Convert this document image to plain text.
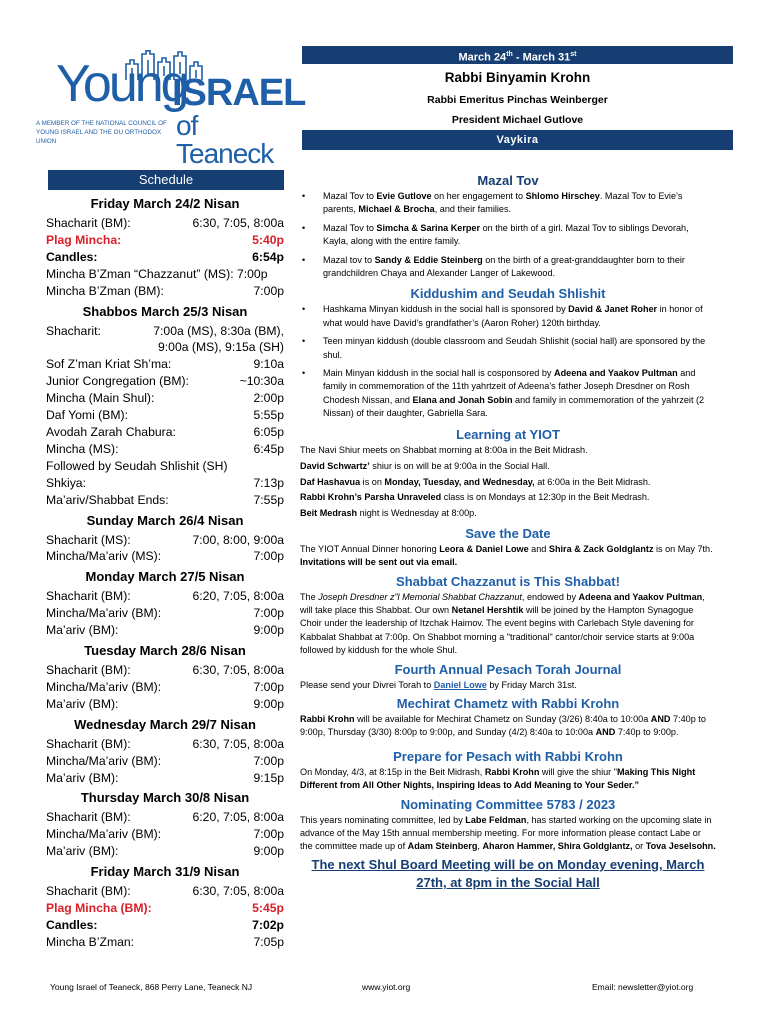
Young
ISRAEL
of Teaneck
A MEMBER OF THE NATIONAL COUNCIL OF YOUNG ISRAEL AND THE OU ORTHODOX UNION
March 24th - March 31st
Rabbi Binyamin Krohn
Rabbi Emeritus Pinchas Weinberger
President Michael Gutlove
Vaykira
Schedule
Friday March 24/2 Nisan
Shacharit (BM):	6:30, 7:05, 8:00a
Plag Mincha:	5:40p
Candles:	6:54p
Mincha B’Zman “Chazzanut” (MS): 7:00p
Mincha B’Zman (BM):	7:00p
Shabbos March 25/3 Nisan
Shacharit:	7:00a (MS), 8:30a (BM),
9:00a (MS), 9:15a (SH)
Sof Z’man Kriat Sh’ma:	9:10a
Junior Congregation (BM):	~10:30a
Mincha (Main Shul):	2:00p
Daf Yomi (BM):	5:55p
Avodah Zarah Chabura:	6:05p
Mincha (MS):	6:45p
Followed by Seudah Shlishit (SH)
Shkiya:	7:13p
Ma’ariv/Shabbat Ends:	7:55p
Sunday March 26/4 Nisan
Shacharit (MS):	7:00, 8:00, 9:00a
Mincha/Ma’ariv (MS):	7:00p
Monday March 27/5 Nisan
Shacharit (BM):	6:20, 7:05, 8:00a
Mincha/Ma’ariv (BM):	7:00p
Ma’ariv (BM):	9:00p
Tuesday March 28/6 Nisan
Shacharit (BM):	6:30, 7:05, 8:00a
Mincha/Ma’ariv (BM):	7:00p
Ma’ariv (BM):	9:00p
Wednesday March 29/7 Nisan
Shacharit (BM):	6:30, 7:05, 8:00a
Mincha/Ma’ariv (BM):	7:00p
Ma’ariv (BM):	9:15p
Thursday March 30/8 Nisan
Shacharit (BM):	6:20, 7:05, 8:00a
Mincha/Ma’ariv (BM):	7:00p
Ma’ariv (BM):	9:00p
Friday March 31/9 Nisan
Shacharit (BM):	6:30, 7:05, 8:00a
Plag Mincha (BM):	5:45p
Candles:	7:02p
Mincha B’Zman:	7:05p
Mazal Tov
• Mazal Tov to Evie Gutlove on her engagement to Shlomo Hirschey. Mazal Tov to Evie’s parents, Michael & Brocha, and their families.
• Mazal Tov to Simcha & Sarina Kerper on the birth of a girl. Mazal Tov to siblings Devorah, Kayla, along with the entire family.
• Mazal tov to Sandy & Eddie Steinberg on the birth of a great-granddaughter born to their grandchildren Chaya and Alexander Langer of Lakewood.
Kiddushim and Seudah Shlishit
• Hashkama Minyan kiddush in the social hall is sponsored by David & Janet Roher in honor of what would have David’s grandfather’s (Aaron Roher) 120th birthday.
• Teen minyan kiddush (double classroom and Seudah Shlishit (social hall) are sponsored by the shul.
• Main Minyan kiddush in the social hall is cosponsored by Adeena and Yaakov Pultman and family in commemoration of the 11th yahrtzeit of Adeena’s father Joseph Dresdner on Rosh Chodesh Nissan, and Elana and Jonah Sobin and family in commemoration of the yahrzeit (2 Nissan) of their daughter, Gabriella Sara.
Learning at YIOT
The Navi Shiur meets on Shabbat morning at 8:00a in the Beit Midrash.
David Schwartz’ shiur is on will be at 9:00a in the Social Hall.
Daf Hashavua is on Monday, Tuesday, and Wednesday, at 6:00a in the Beit Midrash.
Rabbi Krohn’s Parsha Unraveled class is on Mondays at 12:30p in the Beit Medrash.
Beit Medrash night is Wednesday at 8:00p.
Save the Date
The YIOT Annual Dinner honoring Leora & Daniel Lowe and Shira & Zack Goldglantz is on May 7th. Invitations will be sent out via email.
Shabbat Chazzanut is This Shabbat!
The Joseph Dresdner z”l Memorial Shabbat Chazzanut, endowed by Adeena and Yaakov Pultman, will take place this Shabbat. Our own Netanel Hershtik will be joined by the Hampton Synagogue Choir under the leadership of Itzchak Haimov. The event begins with Carlebach Style davening for Kabbalat Shabbat at 7:00p. On Shabbot morning a "traditional" cantor/choir service starts at 9:00a followed by kiddush for the whole Shul.
Fourth Annual Pesach Torah Journal
Please send your Divrei Torah to Daniel Lowe by Friday March 31st.
Mechirat Chametz with Rabbi Krohn
Rabbi Krohn will be available for Mechirat Chametz on Sunday (3/26) 8:40a to 10:00a AND 7:40p to 9:00p, Thursday (3/30) 8:00p to 9:00p, and Sunday (4/2) 8:40a to 10:00a AND 7:40p to 9:00p.
Prepare for Pesach with Rabbi Krohn
On Monday, 4/3, at 8:15p in the Beit Midrash, Rabbi Krohn will give the shiur "Making This Night Different from All Other Nights, Inspiring Ideas to Add Meaning to Your Seder.”
Nominating Committee 5783 / 2023
This years nominating committee, led by Labe Feldman, has started working on the upcoming slate in advance of the May 15th annual membership meeting. For more information please contact Labe or the committee made up of Adam Steinberg, Aharon Hammer, Shira Goldglantz, or Tova Jeselsohn.
The next Shul Board Meeting will be on Monday evening, March 27th, at 8pm in the Social Hall
Young Israel of Teaneck, 868 Perry Lane, Teaneck NJ	www.yiot.org	Email: newsletter@yiot.org
